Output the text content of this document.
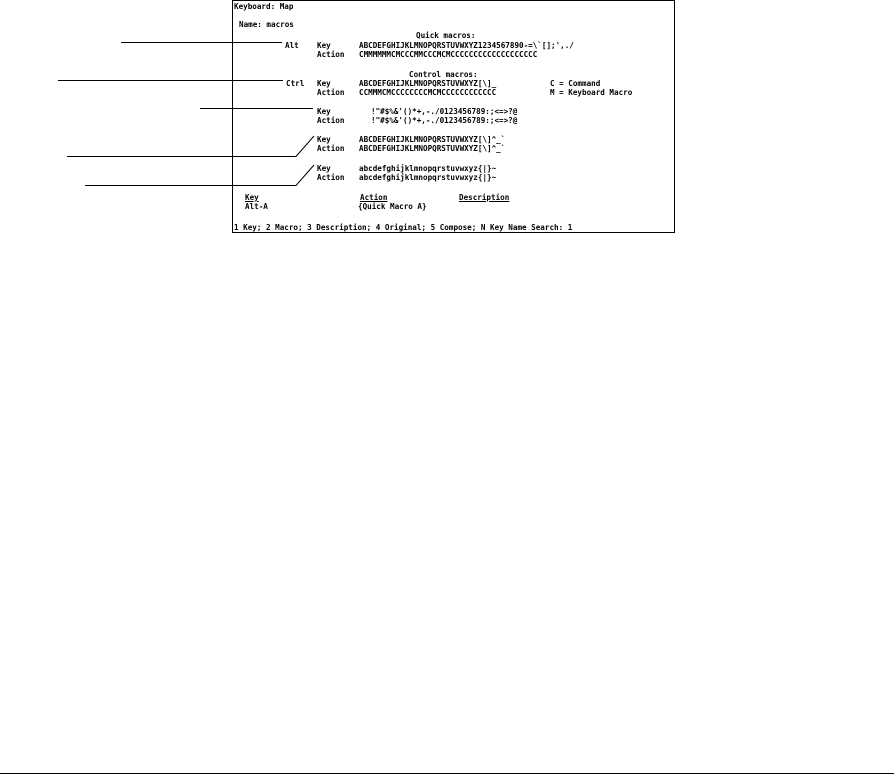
Keyboard: Map
Name: macros
Quick macros:
Alt Key	ABCDEFGHIJKLMNOPQRSTUVWXYZ1234567890-=\`[];',./
Action CMMMMMMCMCCCMMCCCMCMCCCCCCCCCCCCCCCCCCC
Control macros:
Ctrl Key	ABCDEFGHIJKLMNOPQRSTUVWXYZ[\]_	C = Command
Action CCMMMCMCCCCCCCCMCMCCCCCCCCCCCC	M = Keyboard Macro
Key	!"#$%&'()*+,-./0123456789:;<=>?@
Action	!"#$%&'()*+,-./0123456789:;<=>?@
Key	ABCDEFGHIJKLMNOPQRSTUVWXYZ[\]^_`
Action ABCDEFGHIJKLMNOPQRSTUVWXYZ[\]^_`
Key	abcdefghijklmnopqrstuvwxyz{|}~
Action abcdefghijklmnopqrstuvwxyz{|}~
Key	Action	Description
Alt-A	{Quick Macro A}
1 Key; 2 Macro; 3 Description; 4 Original; 5 Compose; N Key Name Search: 1
